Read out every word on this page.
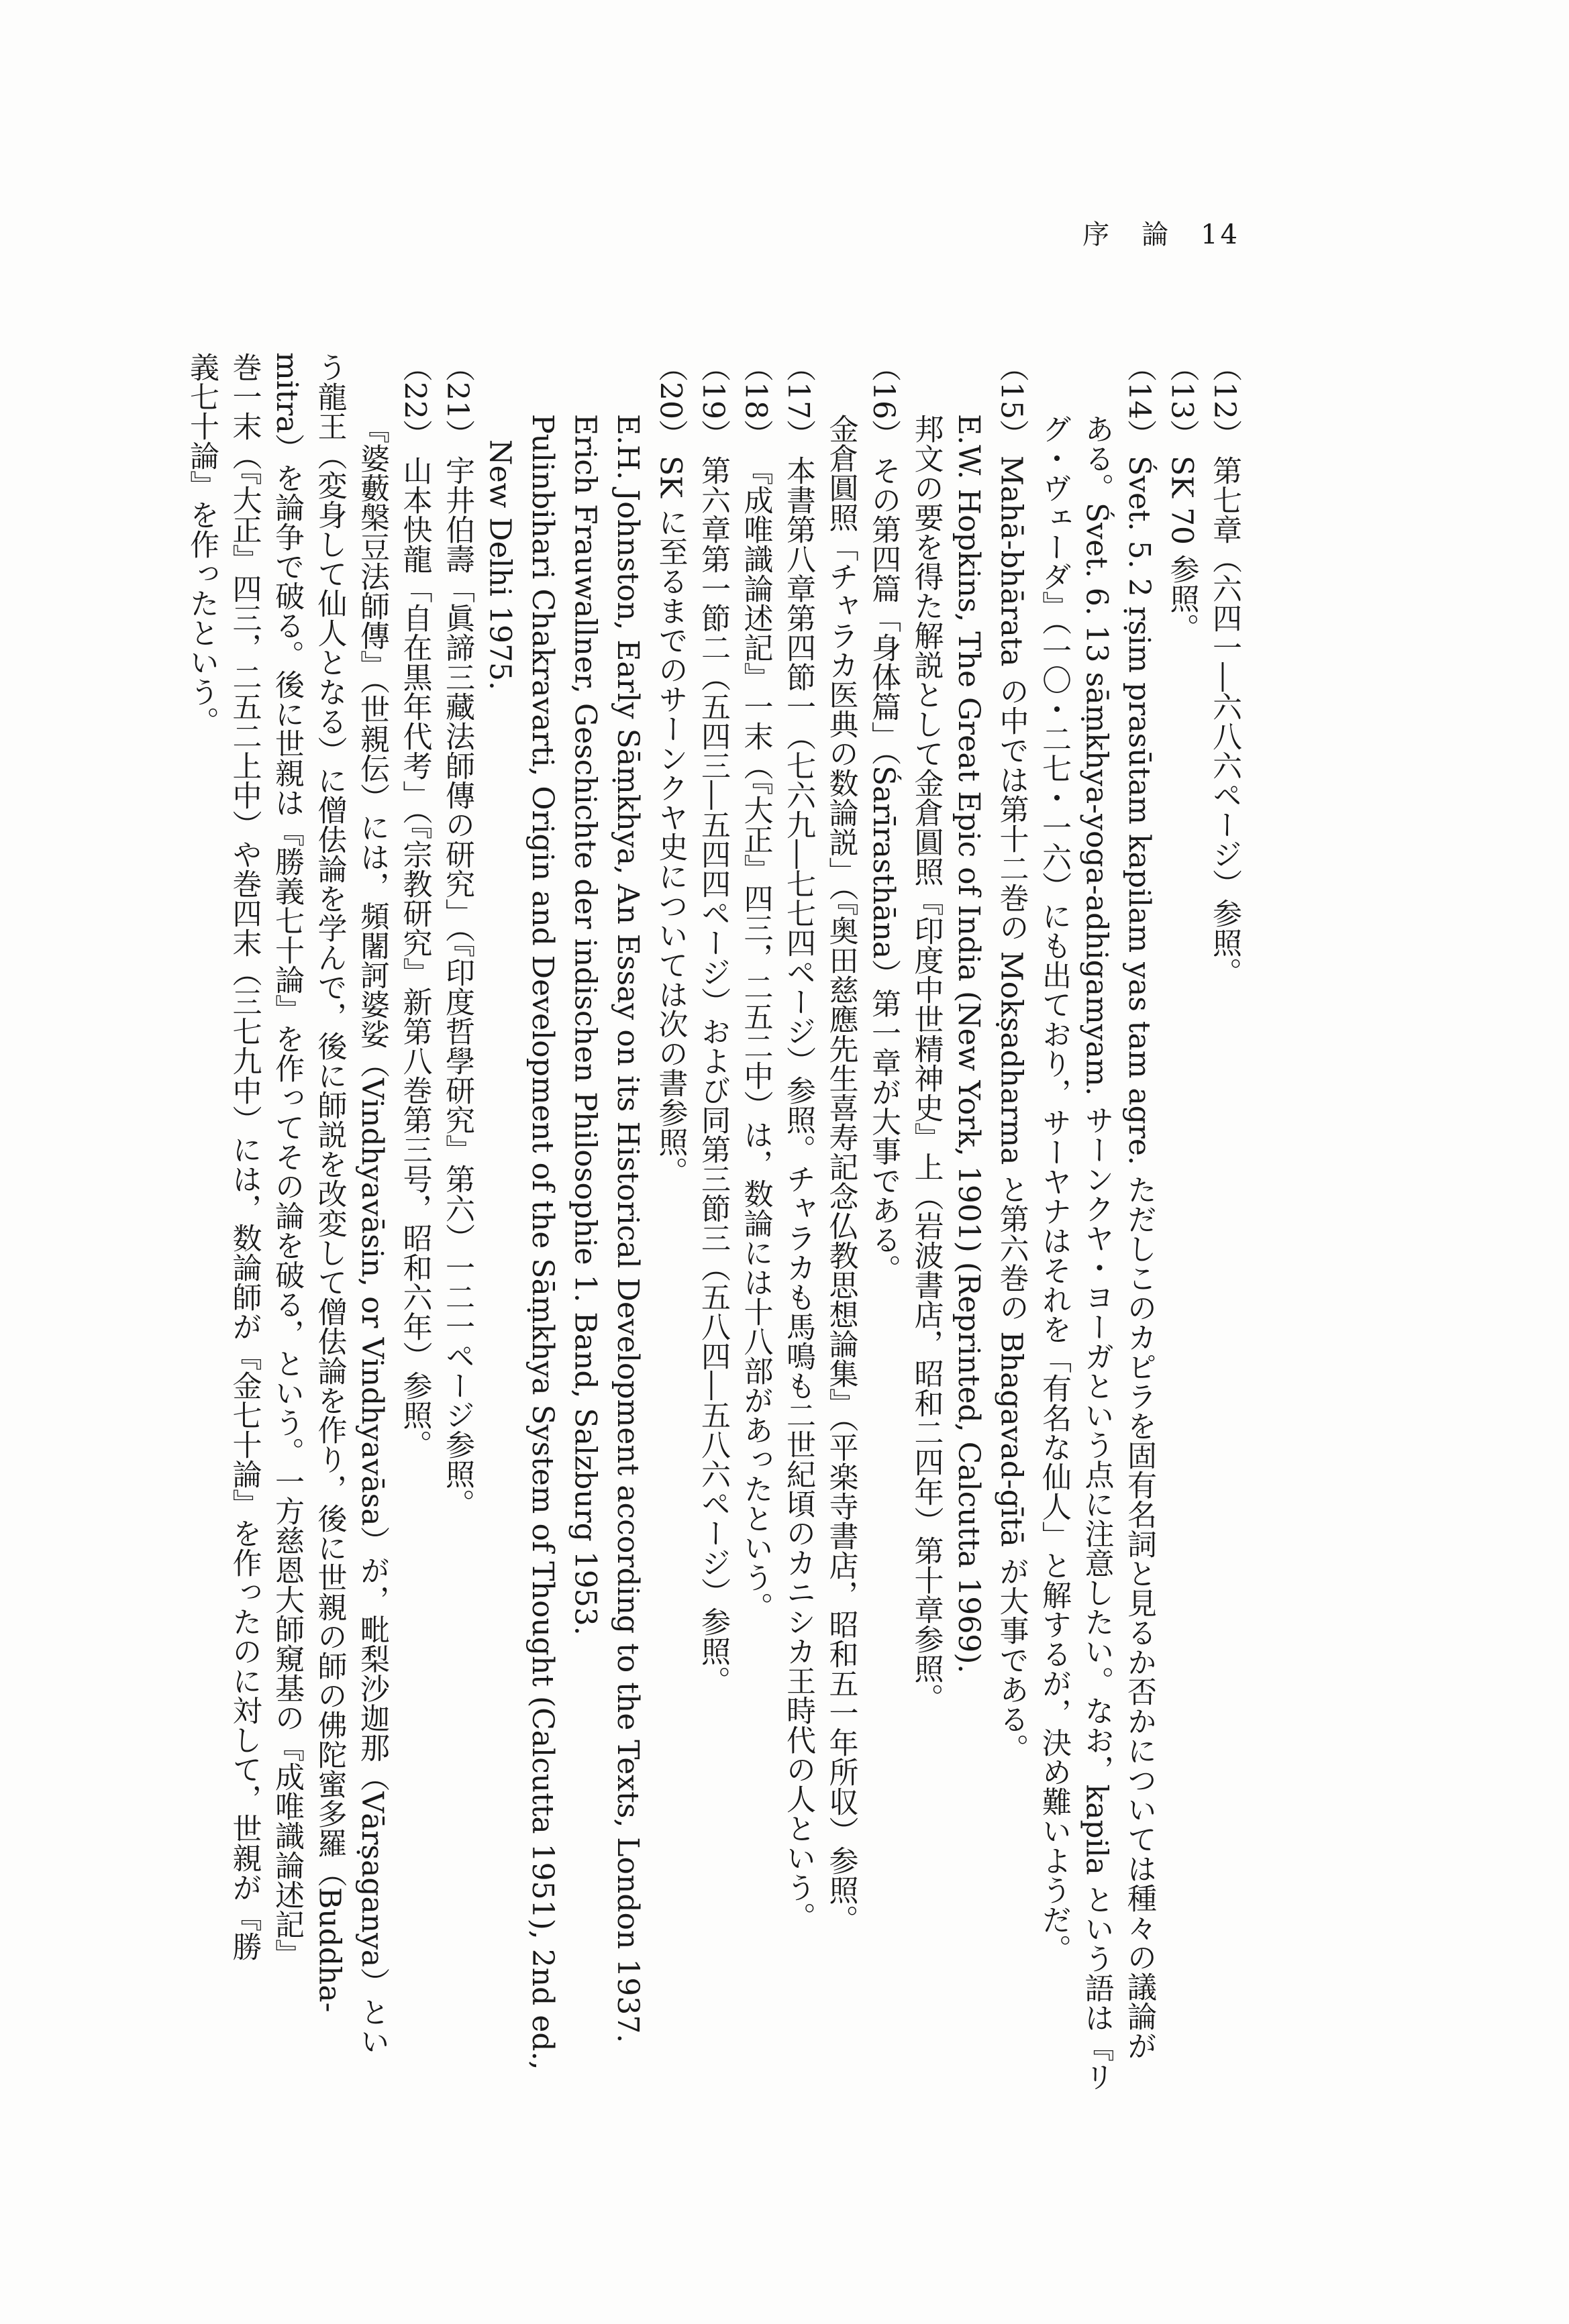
序 論 14
（12）第七章（六四一―六八六ページ）参照。
（13）SK 70 参照。
（14）Śvet. 5. 2 ṛṣim prasūtam kapilam yas tam agre. ただしこのカピラを固有名詞と見るか否かについては種々の議論が
ある。Śvet. 6. 13 sāṃkhya-yoga-adhigamyam. サーンクヤ・ヨーガという点に注意したい。なお，kapila という語は『リ
グ・ヴェーダ』（一〇・二七・一六）にも出ており，サーヤナはそれを「有名な仙人」と解するが，決め難いようだ。
（15）Mahā-bhārata の中では第十二巻の Mokṣadharma と第六巻の Bhagavad-gītā が大事である。
E.W. Hopkins, The Great Epic of India (New York, 1901) (Reprinted, Calcutta 1969).
邦文の要を得た解説として金倉圓照『印度中世精神史』上（岩波書店，昭和二四年）第十章参照。
（16）その第四篇「身体篇」（Śarīrasthāna）第一章が大事である。
金倉圓照「チャラカ医典の数論説」（『奥田慈應先生喜寿記念仏教思想論集』（平楽寺書店，昭和五一年所収）参照。
（17）本書第八章第四節一（七六九―七七四ページ）参照。チャラカも馬鳴も二世紀頃のカニシカ王時代の人という。
（18）『成唯識論述記』一末（『大正』四三，二五二中）は，数論には十八部があったという。
（19）第六章第一節二（五四三―五四四ページ）および同第三節三（五八四―五八六ページ）参照。
（20）SK に至るまでのサーンクヤ史については次の書参照。
E.H. Johnston, Early Sāṃkhya, An Essay on its Historical Development according to the Texts, London 1937.
Erich Frauwallner, Geschichte der indischen Philosophie 1. Band, Salzburg 1953.
Pulinbihari Chakravarti, Origin and Development of the Sāṃkhya System of Thought (Calcutta 1951), 2nd ed.,
New Delhi 1975.
（21）宇井伯壽「眞諦三藏法師傳の研究」（『印度哲學研究』第六）一二一ページ参照。
（22）山本快龍「自在黒年代考」（『宗教研究』新第八巻第三号，昭和六年）参照。
『婆藪槃豆法師傳』（世親伝）には，頻闍訶婆娑（Vindhyavāsin, or Vindhyavāsa）が，毗梨沙迦那（Vārṣaganya）とい
う龍王（変身して仙人となる）に僧佉論を学んで，後に師説を改変して僧佉論を作り，後に世親の師の佛陀蜜多羅（Buddha-
mitra）を論争で破る。後に世親は『勝義七十論』を作ってその論を破る，という。一方慈恩大師窺基の『成唯識論述記』
巻一末（『大正』四三，二五二上中）や巻四末（三七九中）には，数論師が『金七十論』を作ったのに対して，世親が『勝
義七十論』を作ったという。
